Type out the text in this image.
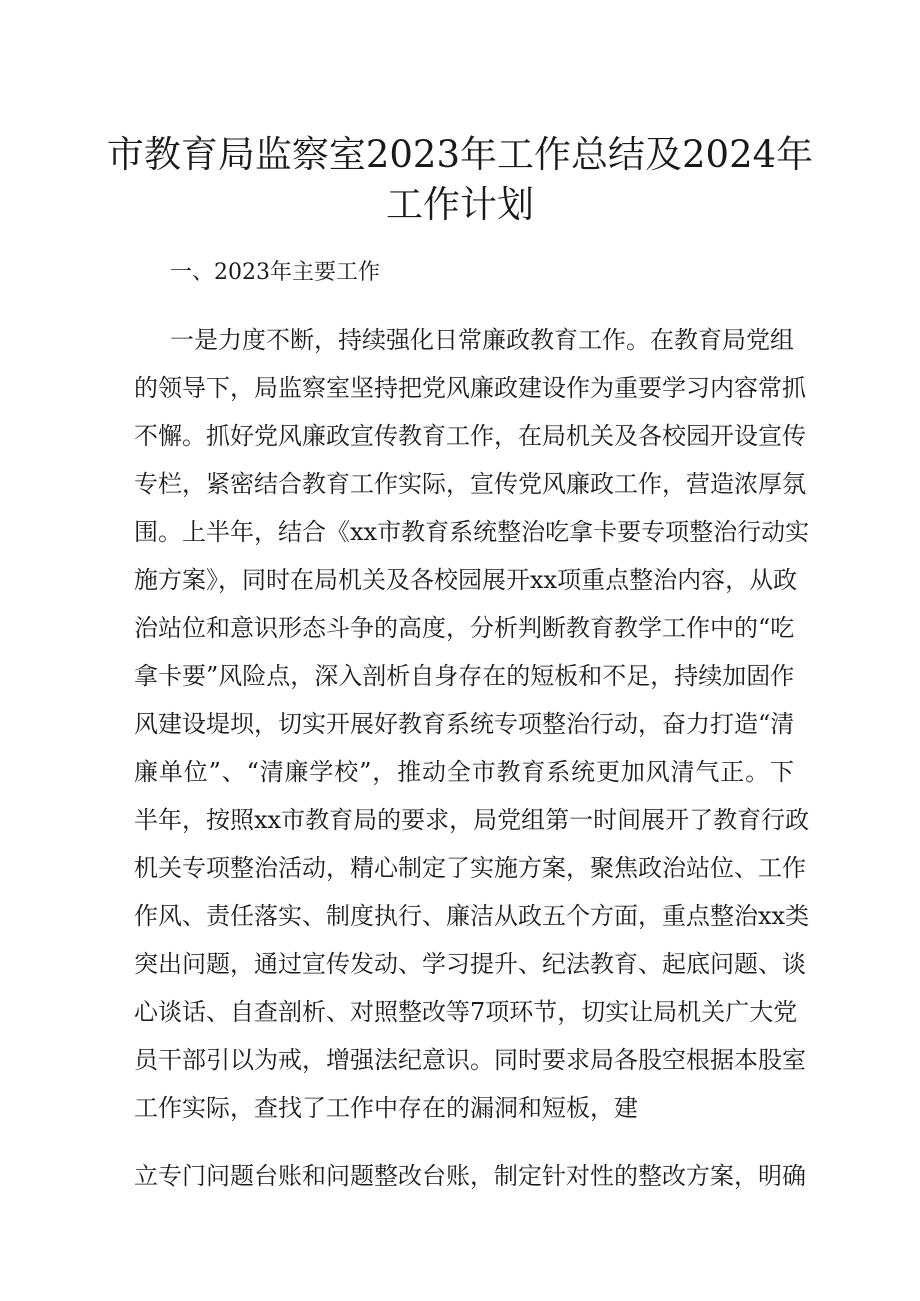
市教育局监察室2023年工作总结及2024年
工作计划

一、2023年主要工作

一是力度不断，持续强化日常廉政教育工作。在教育局党组

的领导下，局监察室坚持把党风廉政建设作为重要学习内容常抓

不懈。抓好党风廉政宣传教育工作，在局机关及各校园开设宣传

专栏，紧密结合教育工作实际，宣传党风廉政工作，营造浓厚氛

围。上半年，结合《xx市教育系统整治吃拿卡要专项整治行动实

施方案》，同时在局机关及各校园展开xx项重点整治内容，从政

治站位和意识形态斗争的高度，分析判断教育教学工作中的“吃

拿卡要”风险点，深入剖析自身存在的短板和不足，持续加固作

风建设堤坝，切实开展好教育系统专项整治行动，奋力打造“清

廉单位”、“清廉学校”，推动全市教育系统更加风清气正。下

半年，按照xx市教育局的要求，局党组第一时间展开了教育行政

机关专项整治活动，精心制定了实施方案，聚焦政治站位、工作

作风、责任落实、制度执行、廉洁从政五个方面，重点整治xx类

突出问题，通过宣传发动、学习提升、纪法教育、起底问题、谈

心谈话、自查剖析、对照整改等7项环节，切实让局机关广大党

员干部引以为戒，增强法纪意识。同时要求局各股空根据本股室

工作实际，查找了工作中存在的漏洞和短板，建

立专门问题台账和问题整改台账，制定针对性的整改方案，明确
